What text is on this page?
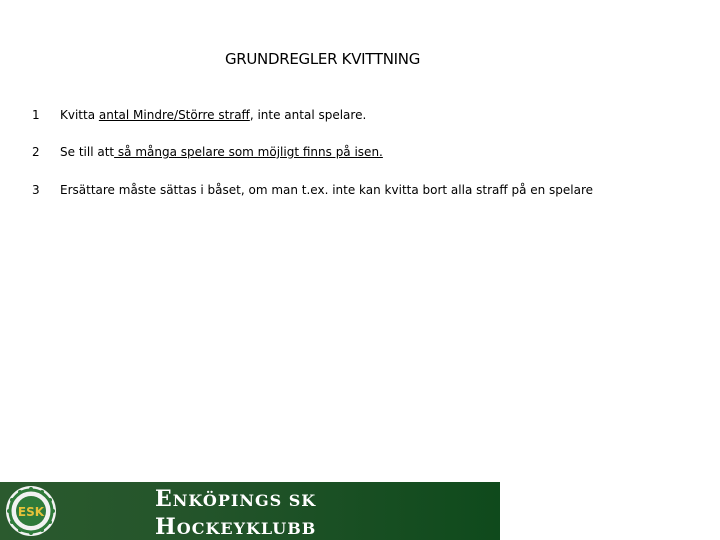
GRUNDREGLER KVITTNING
1 Kvitta antal Mindre/Större straff, inte antal spelare.
2 Se till att så många spelare som möjligt finns på isen.
3 Ersättare måste sättas i båset, om man t.ex. inte kan kvitta bort alla straff på en spelare
ESK	ENKÖPINGS SK
HOCKEYKLUBB
